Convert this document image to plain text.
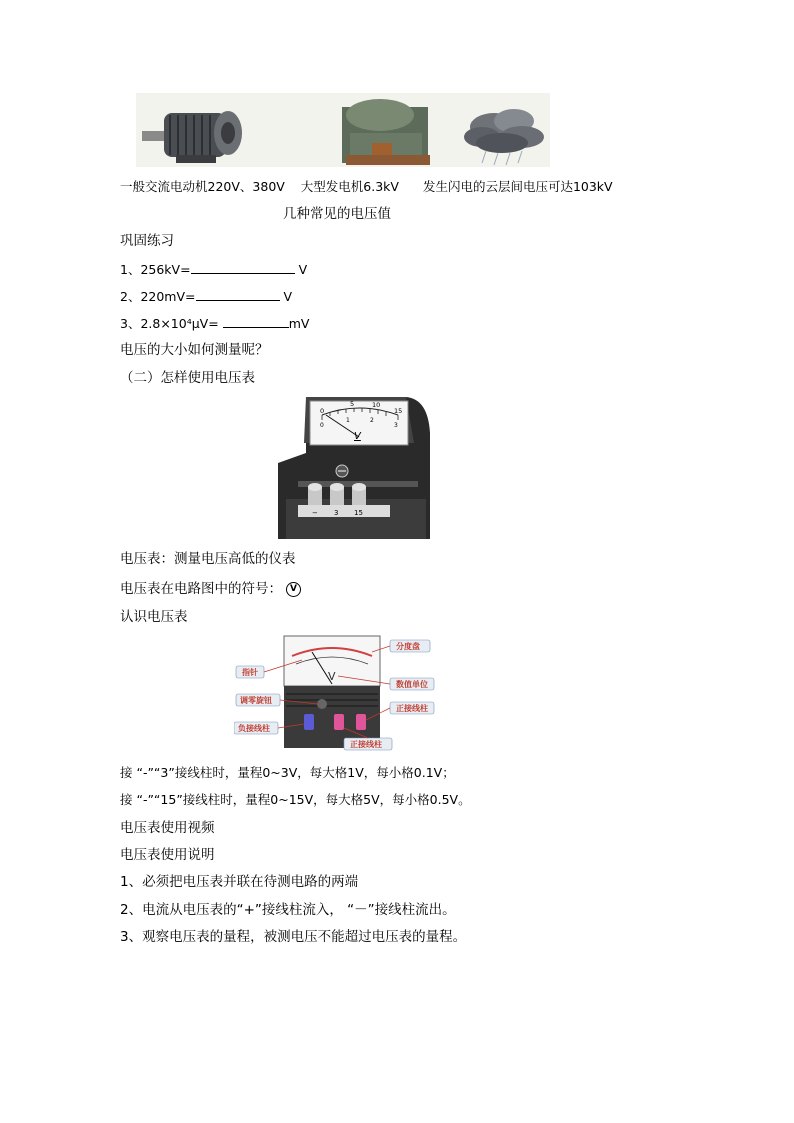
一般交流电动机220V、380V 大型发电机6.3kV 发生闪电的云层间电压可达103kV
几种常见的电压值
巩固练习
1、256kV=	V
2、220mV=	V
3、2.8×10⁴μV=	mV
电压的大小如何测量呢？
（二）怎样使用电压表
0
5	10
15
0
1	2
3
V
− 3 15
电压表：测量电压高低的仪表
电压表在电路图中的符号： V
认识电压表
V
指针
调零旋钮
负接线柱
分度盘
数值单位
正接线柱
正接线柱
接 “-”“3”接线柱时，量程0~3V，每大格1V，每小格0.1V；
接 “-”“15”接线柱时，量程0~15V，每大格5V，每小格0.5V。
电压表使用视频
电压表使用说明
1、必须把电压表并联在待测电路的两端
2、电流从电压表的“+”接线柱流入， “－”接线柱流出。
3、观察电压表的量程，被测电压不能超过电压表的量程。
